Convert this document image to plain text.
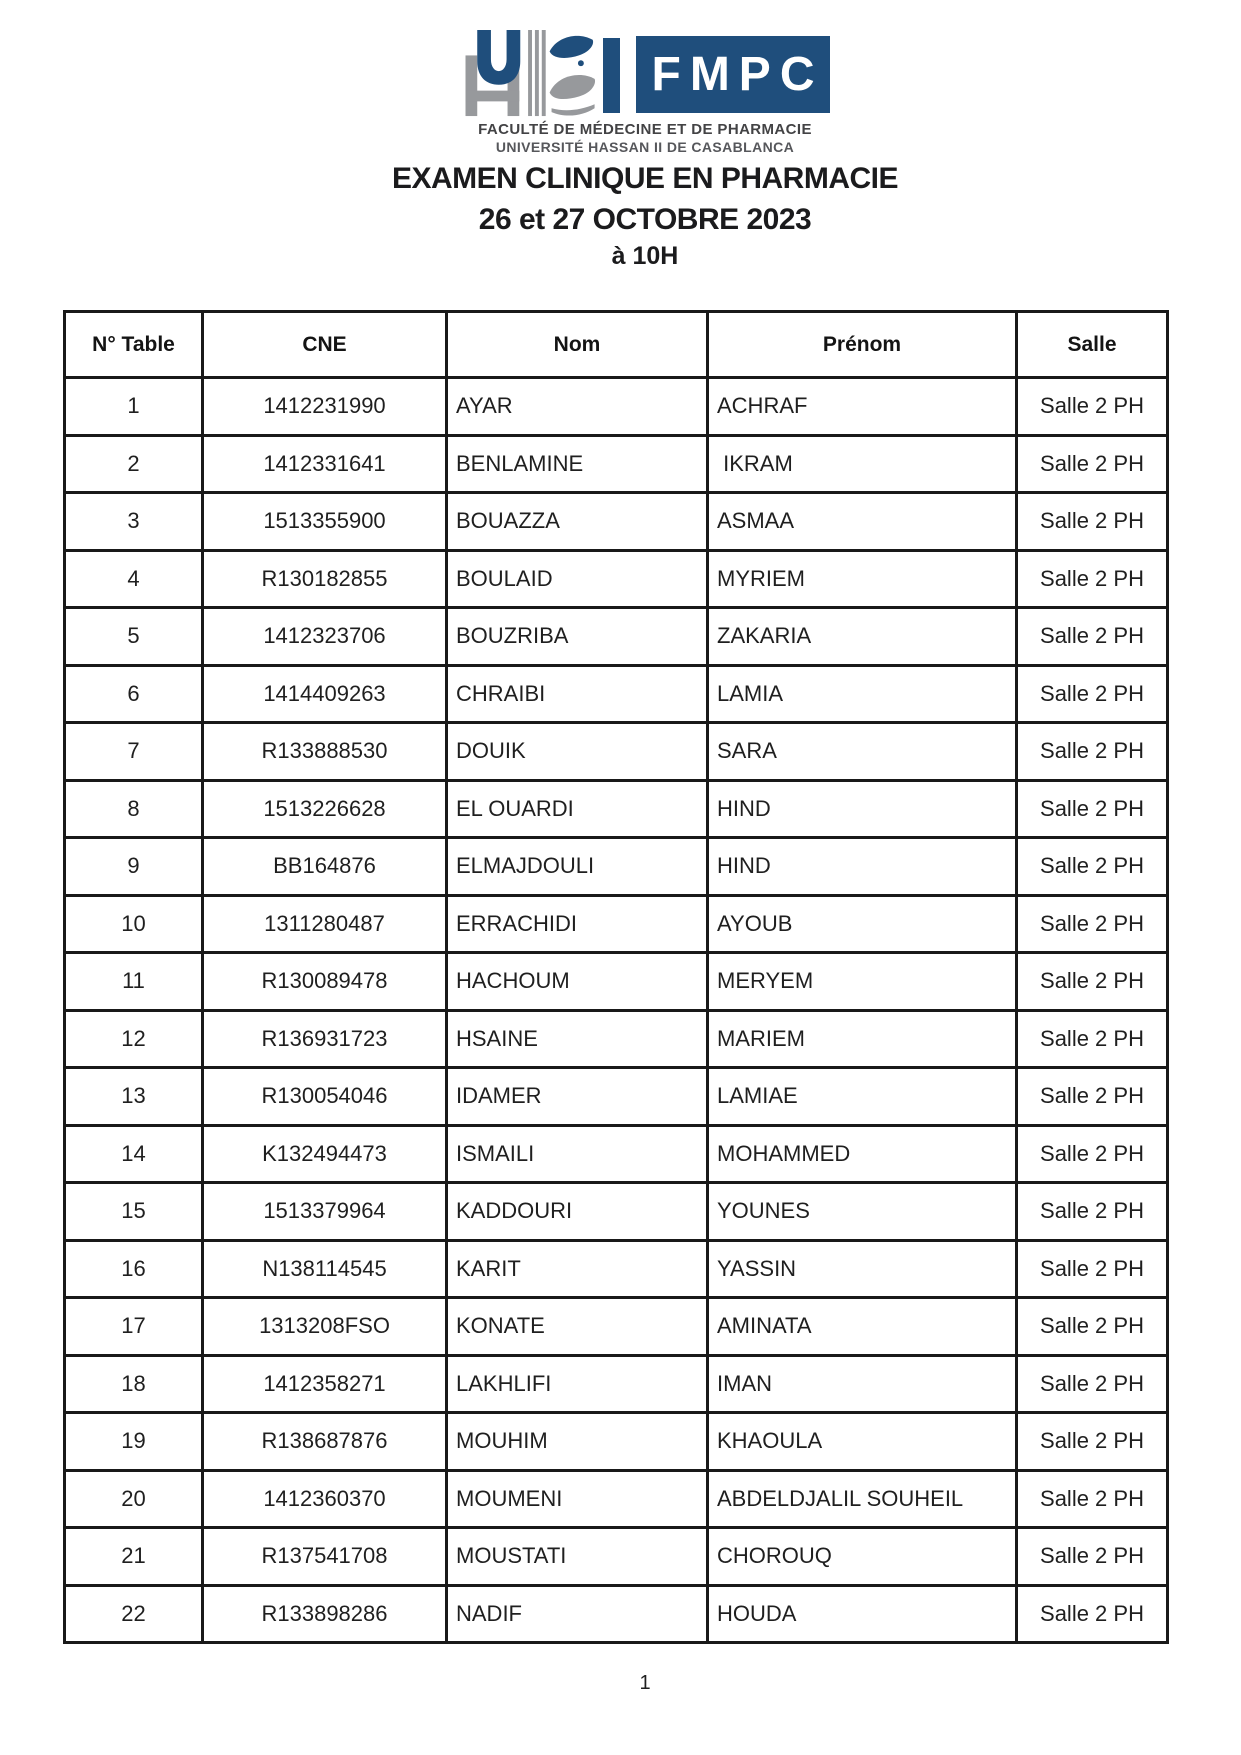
FMPC
FACULTÉ DE MÉDECINE ET DE PHARMACIE
UNIVERSITÉ HASSAN II DE CASABLANCA
EXAMEN CLINIQUE EN PHARMACIE
26 et 27 OCTOBRE 2023
à 10H
N° Table	CNE	Nom	Prénom	Salle
1	1412231990	AYAR	ACHRAF	Salle 2 PH
2	1412331641	BENLAMINE	IKRAM	Salle 2 PH
3	1513355900	BOUAZZA	ASMAA	Salle 2 PH
4	R130182855	BOULAID	MYRIEM	Salle 2 PH
5	1412323706	BOUZRIBA	ZAKARIA	Salle 2 PH
6	1414409263	CHRAIBI	LAMIA	Salle 2 PH
7	R133888530	DOUIK	SARA	Salle 2 PH
8	1513226628	EL OUARDI	HIND	Salle 2 PH
9	BB164876	ELMAJDOULI	HIND	Salle 2 PH
10	1311280487	ERRACHIDI	AYOUB	Salle 2 PH
11	R130089478	HACHOUM	MERYEM	Salle 2 PH
12	R136931723	HSAINE	MARIEM	Salle 2 PH
13	R130054046	IDAMER	LAMIAE	Salle 2 PH
14	K132494473	ISMAILI	MOHAMMED	Salle 2 PH
15	1513379964	KADDOURI	YOUNES	Salle 2 PH
16	N138114545	KARIT	YASSIN	Salle 2 PH
17	1313208FSO	KONATE	AMINATA	Salle 2 PH
18	1412358271	LAKHLIFI	IMAN	Salle 2 PH
19	R138687876	MOUHIM	KHAOULA	Salle 2 PH
20	1412360370	MOUMENI	ABDELDJALIL SOUHEIL	Salle 2 PH
21	R137541708	MOUSTATI	CHOROUQ	Salle 2 PH
22	R133898286	NADIF	HOUDA	Salle 2 PH
1
